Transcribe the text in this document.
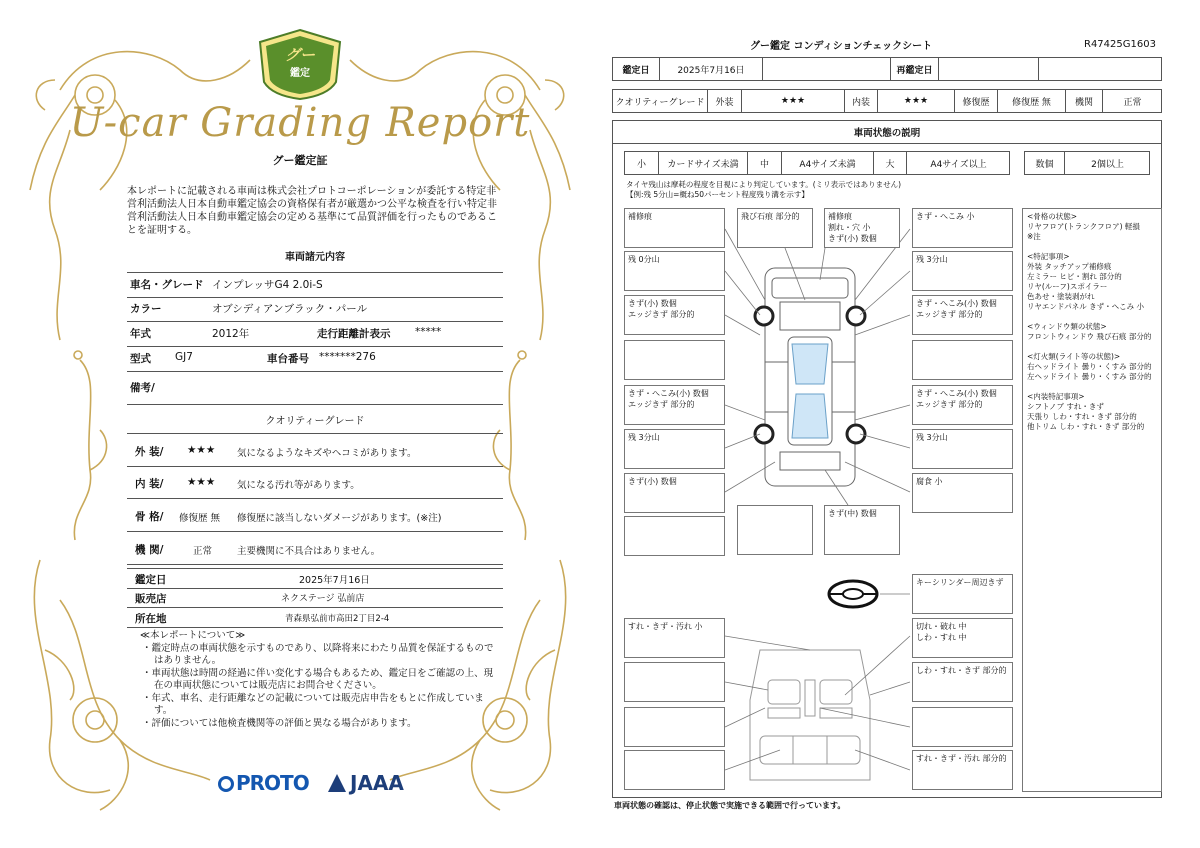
グー
鑑定
U-car Grading Report
グー鑑定証
本レポートに記載される車両は株式会社プロトコーポレーションが委託する特定非営利活動法人日本自動車鑑定協会の資格保有者が厳選かつ公平な検査を行い特定非営利活動法人日本自動車鑑定協会の定める基準にて品質評価を行ったものであることを証明する。
車両諸元内容
車名・グレード インプレッサG4 2.0i-S
カラー	オブシディアンブラック・パール
年式	2012年	走行距離計表示 *****
型式 GJ7	車台番号 *******276
備考/
クオリティーグレード
外 装/ ★★★ 気になるようなキズやヘコミがあります。
内 装/ ★★★ 気になる汚れ等があります。
骨 格/ 修復歴 無 修復歴に該当しないダメージがあります。(※注)
機 関/	正常	主要機関に不具合はありません。
鑑定日	2025年7月16日
販売店	ネクステージ 弘前店
所在地	青森県弘前市高田2丁目2-4
≪本レポートについて≫
・鑑定時点の車両状態を示すものであり、以降将来にわたり品質を保証するものではありません。
・車両状態は時間の経過に伴い変化する場合もあるため、鑑定日をご確認の上、現在の車両状態については販売店にお問合せください。
・年式、車名、走行距離などの記載については販売店申告をもとに作成しています。
・評価については他検査機関等の評価と異なる場合があります。
PROTO	JAAA
グー鑑定 コンディションチェックシート	R47425G1603
鑑定日	2025年7月16日	再鑑定日
クオリティーグレード	外装	★★★	内装	★★★	修復歴	修復歴 無	機関	正常
車両状態の説明
小	カードサイズ未満	中	A4サイズ未満	大	A4サイズ以上	数個	2個以上
タイヤ残山は摩耗の程度を目視により判定しています。(ミリ表示ではありません)
【例:残 5分山=概ね50パーセント程度残り溝を示す】
補修痕	飛び石痕 部分的	補修痕
割れ・穴 小
きず(小) 数個
きず・へこみ 小
残 0分山	残 3分山
きず(小) 数個
エッジきず 部分的
きず・へこみ(小) 数個
エッジきず 部分的
きず・へこみ(小) 数個
エッジきず 部分的
きず・へこみ(小) 数個
エッジきず 部分的
残 3分山	残 3分山
きず(小) 数個	腐食 小
きず(中) 数個
キーシリンダー周辺きず
すれ・きず・汚れ 小	切れ・破れ 中
しわ・すれ 中
しわ・すれ・きず 部分的
すれ・きず・汚れ 部分的
<骨格の状態>
リヤフロア(トランクフロア) 軽損
※注
<特記事項>
外装 タッチアップ補修痕
左ミラー ヒビ・割れ 部分的
リヤ(ルーフ)スポイラー
色あせ・塗装剥がれ
リヤエンドパネル きず・へこみ 小
<ウィンドウ類の状態>
フロントウィンドウ 飛び石痕 部分的
<灯火類(ライト等の状態)>
右ヘッドライト 曇り・くすみ 部分的
左ヘッドライト 曇り・くすみ 部分的
<内装特記事項>
シフトノブ すれ・きず
天張り しわ・すれ・きず 部分的
他トリム しわ・すれ・きず 部分的
車両状態の確認は、停止状態で実施できる範囲で行っています。
